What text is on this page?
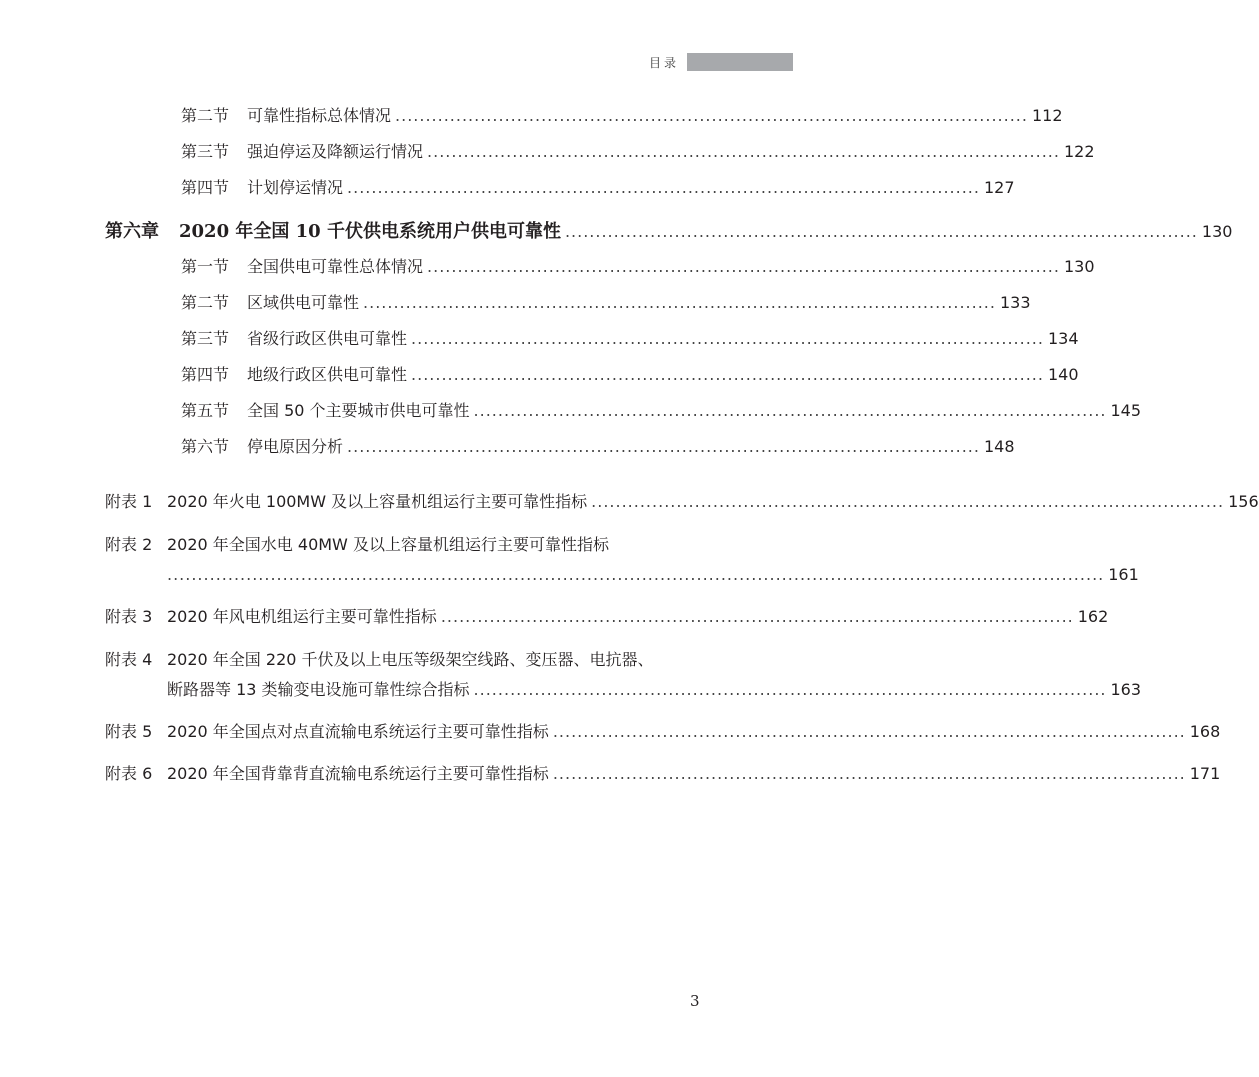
目录
第二节	可靠性指标总体情况 ........................................................................................................ 112
第三节	强迫停运及降额运行情况 ........................................................................................................ 122
第四节	计划停运情况 ........................................................................................................ 127
第六章	2020 年全国 10 千伏供电系统用户供电可靠性 ........................................................................................................ 130
第一节	全国供电可靠性总体情况 ........................................................................................................ 130
第二节	区域供电可靠性 ........................................................................................................ 133
第三节	省级行政区供电可靠性 ........................................................................................................ 134
第四节	地级行政区供电可靠性 ........................................................................................................ 140
第五节	全国 50 个主要城市供电可靠性 ........................................................................................................ 145
第六节	停电原因分析 ........................................................................................................ 148
附表 1 2020 年火电 100MW 及以上容量机组运行主要可靠性指标 ........................................................................................................ 156
附表 2 2020 年全国水电 40MW 及以上容量机组运行主要可靠性指标
.......................................................................................................................................................... 161
附表 3 2020 年风电机组运行主要可靠性指标 ........................................................................................................ 162
附表 4 2020 年全国 220 千伏及以上电压等级架空线路、变压器、电抗器、
断路器等 13 类输变电设施可靠性综合指标 ........................................................................................................ 163
附表 5 2020 年全国点对点直流输电系统运行主要可靠性指标 ........................................................................................................ 168
附表 6 2020 年全国背靠背直流输电系统运行主要可靠性指标 ........................................................................................................ 171
3
